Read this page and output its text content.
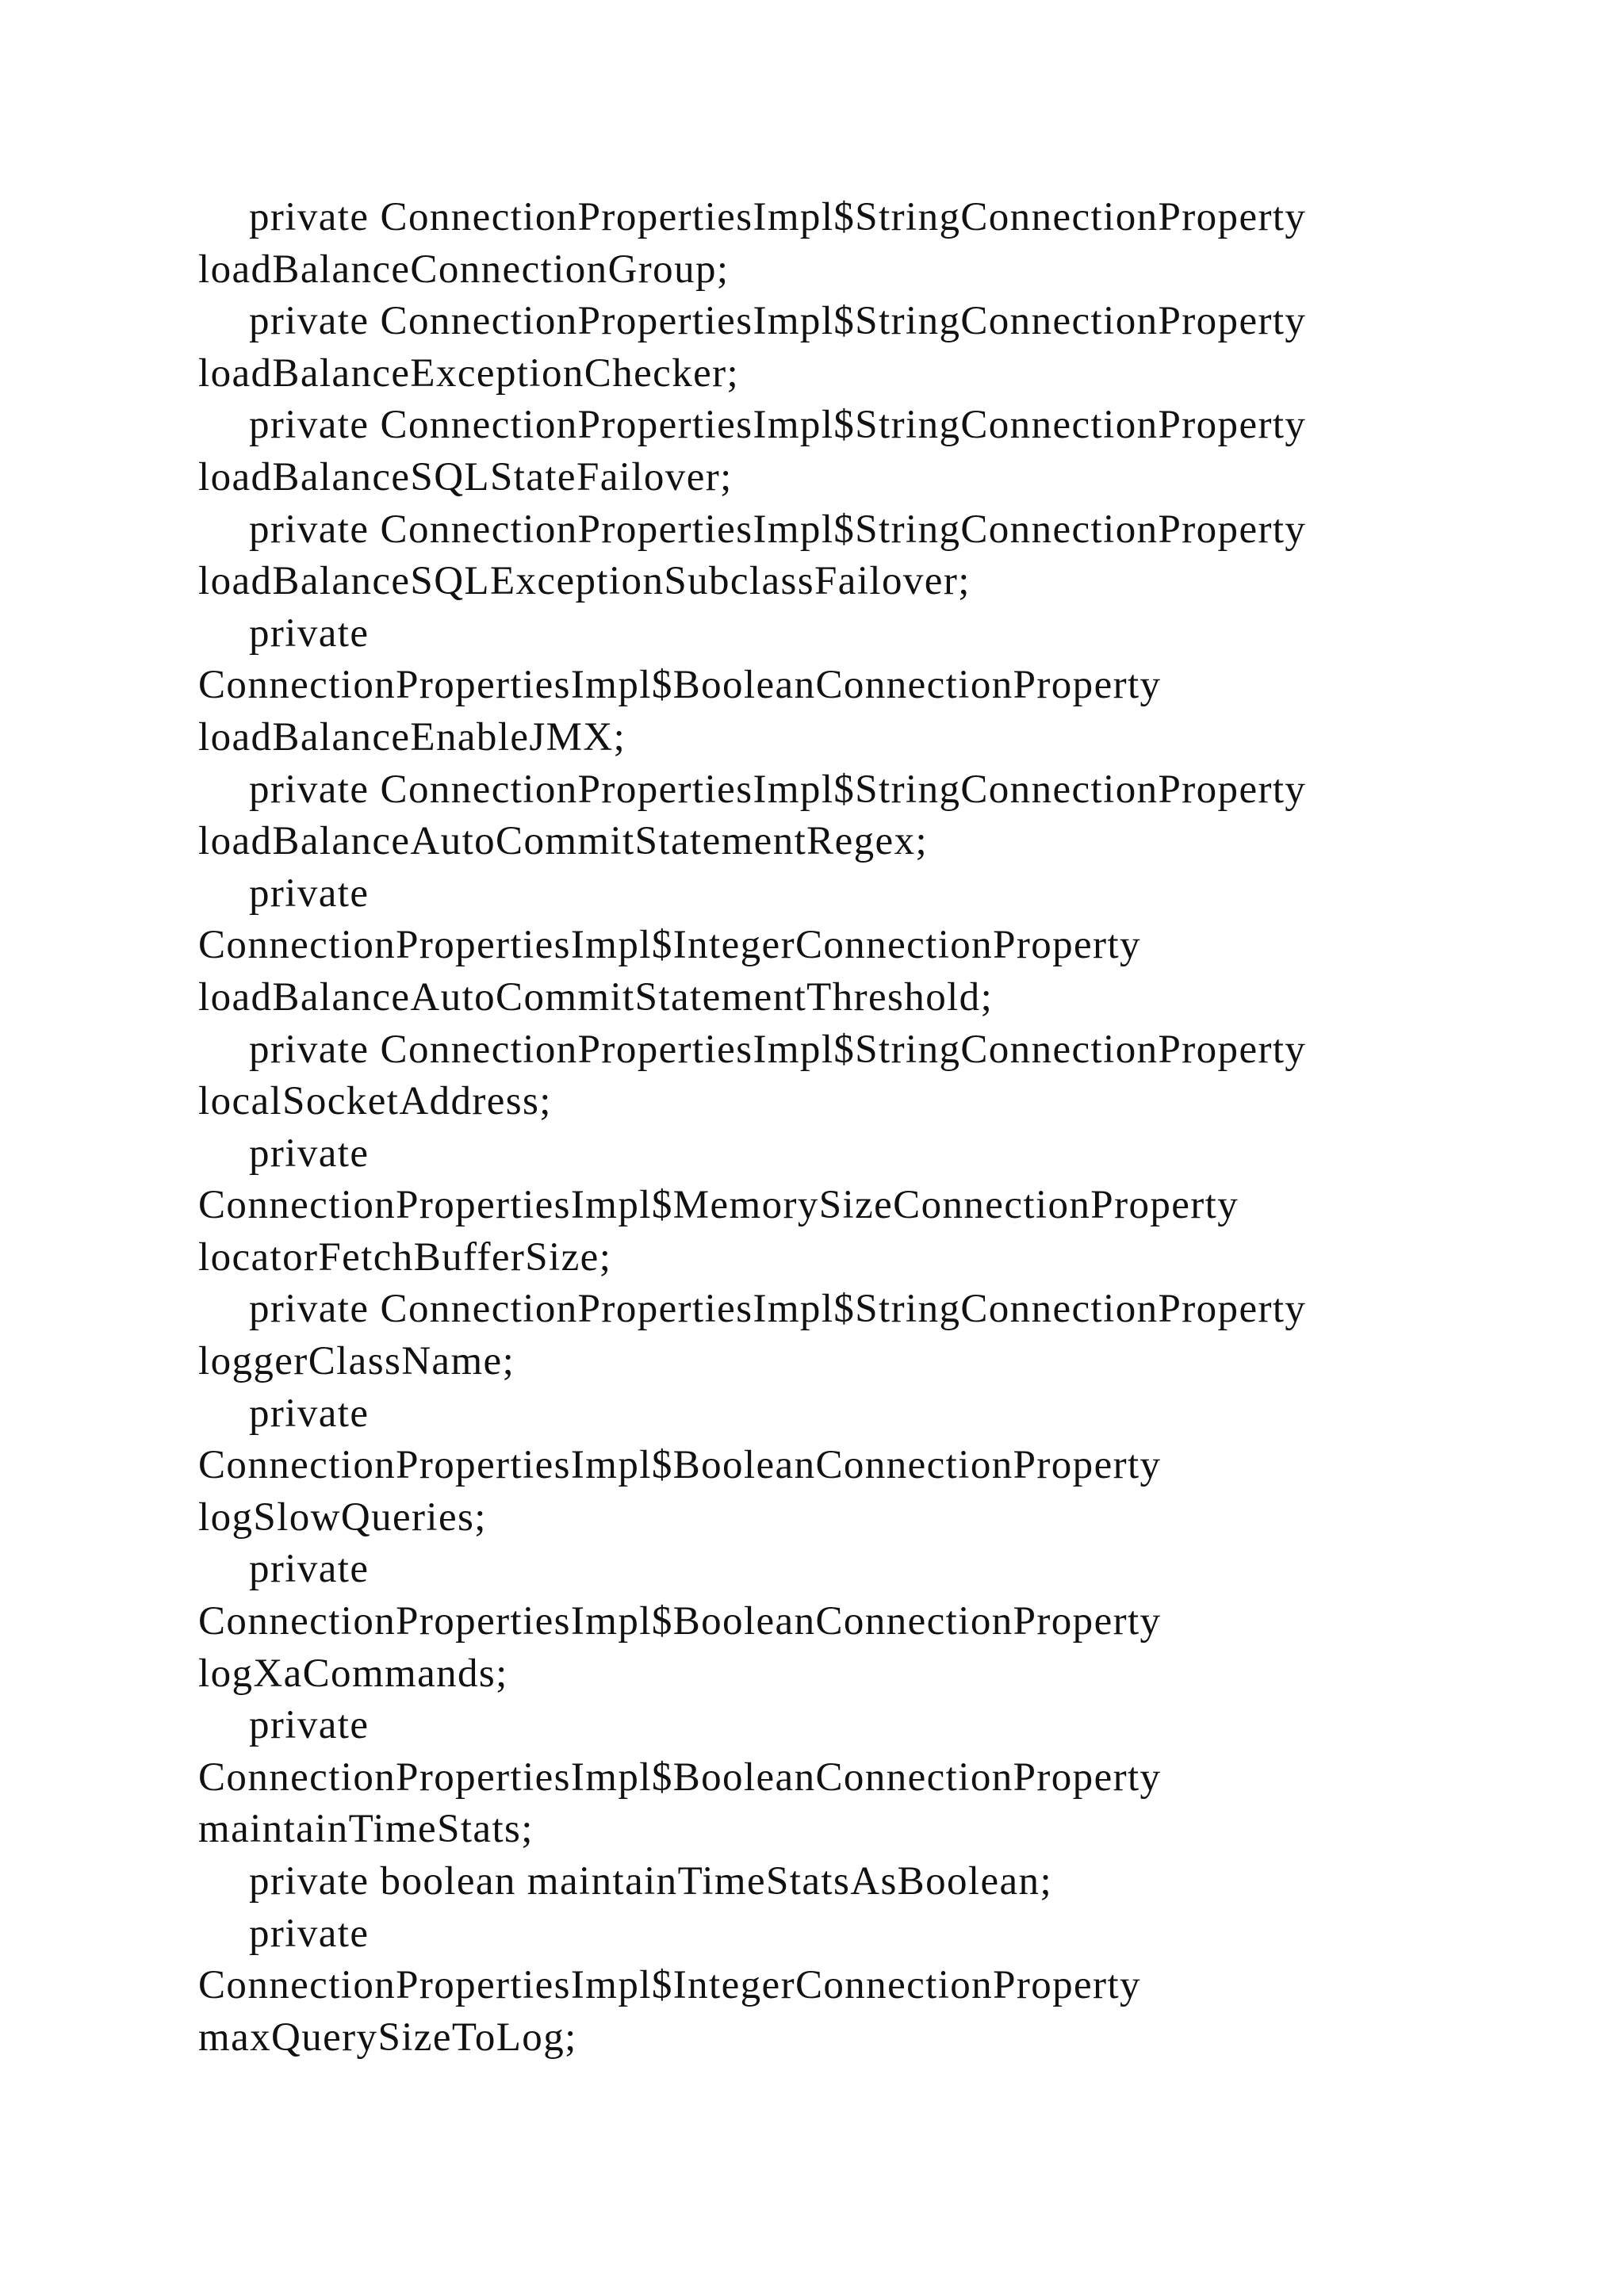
private ConnectionPropertiesImpl$StringConnectionProperty
loadBalanceConnectionGroup;
private ConnectionPropertiesImpl$StringConnectionProperty
loadBalanceExceptionChecker;
private ConnectionPropertiesImpl$StringConnectionProperty
loadBalanceSQLStateFailover;
private ConnectionPropertiesImpl$StringConnectionProperty
loadBalanceSQLExceptionSubclassFailover;
private
ConnectionPropertiesImpl$BooleanConnectionProperty
loadBalanceEnableJMX;
private ConnectionPropertiesImpl$StringConnectionProperty
loadBalanceAutoCommitStatementRegex;
private
ConnectionPropertiesImpl$IntegerConnectionProperty
loadBalanceAutoCommitStatementThreshold;
private ConnectionPropertiesImpl$StringConnectionProperty
localSocketAddress;
private
ConnectionPropertiesImpl$MemorySizeConnectionProperty
locatorFetchBufferSize;
private ConnectionPropertiesImpl$StringConnectionProperty
loggerClassName;
private
ConnectionPropertiesImpl$BooleanConnectionProperty
logSlowQueries;
private
ConnectionPropertiesImpl$BooleanConnectionProperty
logXaCommands;
private
ConnectionPropertiesImpl$BooleanConnectionProperty
maintainTimeStats;
private boolean maintainTimeStatsAsBoolean;
private
ConnectionPropertiesImpl$IntegerConnectionProperty
maxQuerySizeToLog;
